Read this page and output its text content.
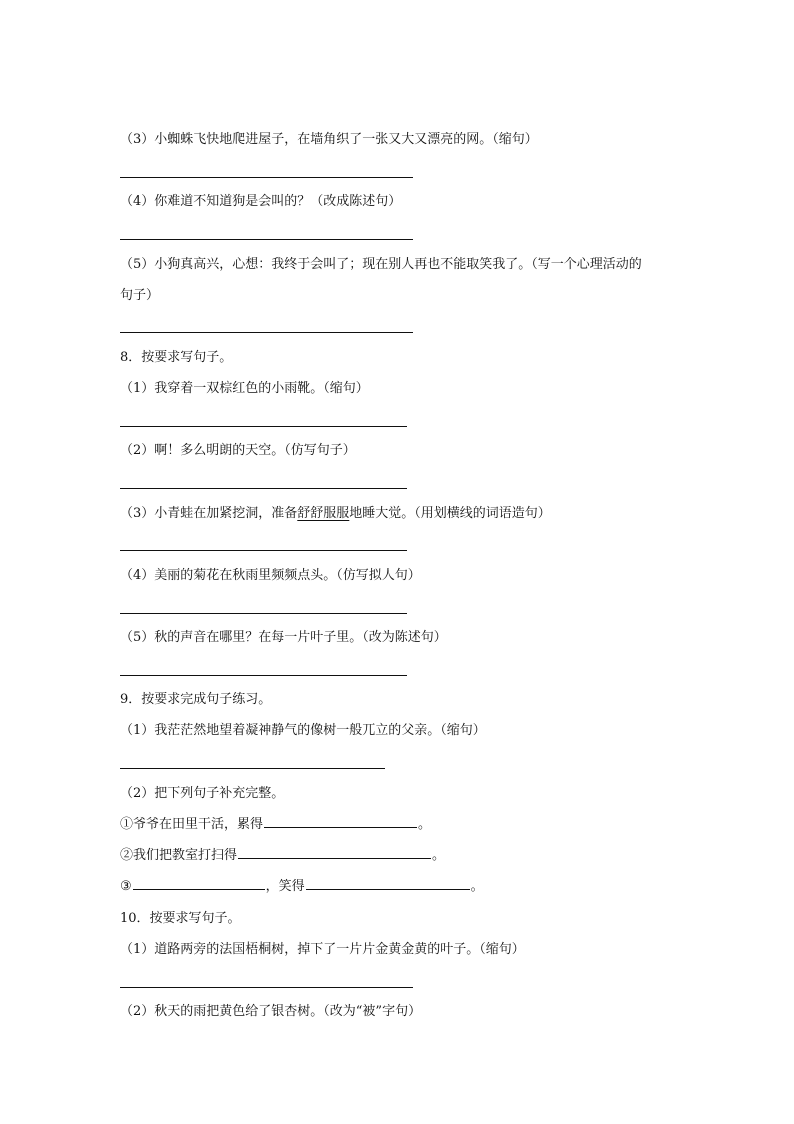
（3）小蜘蛛飞快地爬进屋子，在墙角织了一张又大又漂亮的网。（缩句）
（4）你难道不知道狗是会叫的？（改成陈述句）
（5）小狗真高兴，心想：我终于会叫了；现在别人再也不能取笑我了。（写一个心理活动的
句子）
8．按要求写句子。
（1）我穿着一双棕红色的小雨靴。（缩句）
（2）啊！多么明朗的天空。（仿写句子）
（3）小青蛙在加紧挖洞，准备舒舒服服地睡大觉。（用划横线的词语造句）
（4）美丽的菊花在秋雨里频频点头。（仿写拟人句）
（5）秋的声音在哪里？在每一片叶子里。（改为陈述句）
9．按要求完成句子练习。
（1）我茫茫然地望着凝神静气的像树一般兀立的父亲。（缩句）
（2）把下列句子补充完整。
①爷爷在田里干活，累得	。
②我们把教室打扫得	。
③	，笑得	。
10．按要求写句子。
（1）道路两旁的法国梧桐树，掉下了一片片金黄金黄的叶子。（缩句）
（2）秋天的雨把黄色给了银杏树。（改为“被”字句）
